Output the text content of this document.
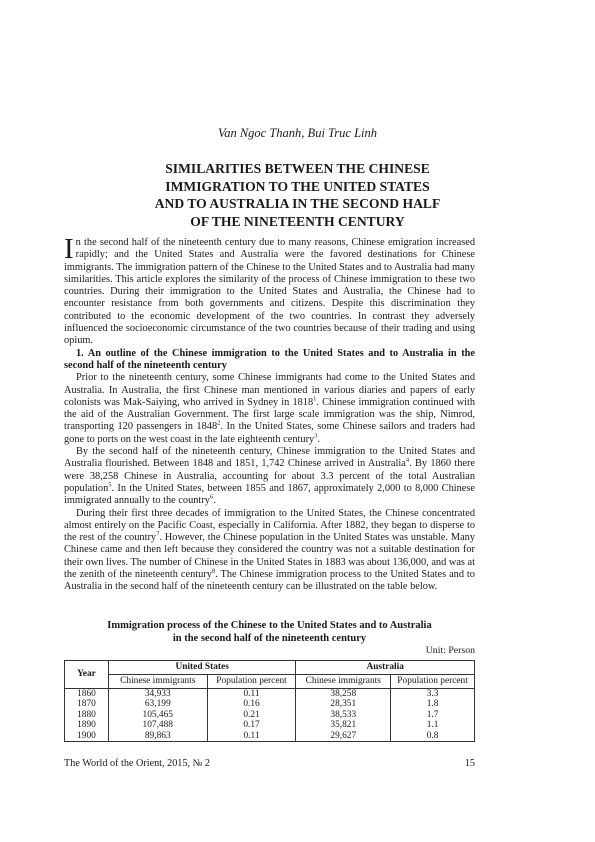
Van Ngoc Thanh, Bui Truc Linh
SIMILARITIES BETWEEN THE CHINESE
IMMIGRATION TO THE UNITED STATES
AND TO AUSTRALIA IN THE SECOND HALF
OF THE NINETEENTH CENTURY

In the second half of the nineteenth century due to many reasons, Chinese emigration increased rapidly; and the United States and Australia were the favored destinations for Chinese immigrants. The immigration pattern of the Chinese to the United States and to Australia had many similarities. This article explores the similarity of the process of Chinese immigration to these two countries. During their immigration to the United States and Australia, the Chinese had to encounter resistance from both governments and citizens. Despite this discrimination they contributed to the economic development of the two countries. In contrast they adversely influenced the socioeconomic circumstance of the two countries because of their trading and using opium.

1. An outline of the Chinese immigration to the United States and to Australia in the second half of the nineteenth century

Prior to the nineteenth century, some Chinese immigrants had come to the United States and Australia. In Australia, the first Chinese man mentioned in various diaries and papers of early colonists was Mak-Saiying, who arrived in Sydney in 1818$^1$. Chinese immigration continued with the aid of the Australian Government. The first large scale immigration was the ship, Nimrod, transporting 120 passengers in 1848$^2$. In the United States, some Chinese sailors and traders had gone to ports on the west coast in the late eighteenth century$^3$.

By the second half of the nineteenth century, Chinese immigration to the United States and Australia flourished. Between 1848 and 1851, 1,742 Chinese arrived in Australia$^4$. By 1860 there were 38,258 Chinese in Australia, accounting for about 3.3 percent of the total Australian population$^5$. In the United States, between 1855 and 1867, approximately 2,000 to 8,000 Chinese immigrated annually to the country$^6$.

During their first three decades of immigration to the United States, the Chinese concentrated almost entirely on the Pacific Coast, especially in California. After 1882, they began to disperse to the rest of the country$^7$. However, the Chinese population in the United States was unstable. Many Chinese came and then left because they considered the country was not a suitable destination for their own lives. The number of Chinese in the United States in 1883 was about 136,000, and was at the zenith of the nineteenth century$^8$. The Chinese immigration process to the United States and to Australia in the second half of the nineteenth century can be illustrated on the table below.

Immigration process of the Chinese to the United States and to Australia
in the second half of the nineteenth century
Unit: Person
Year	United States		Australia	
	Chinese immigrants	Population percent	Chinese immigrants	Population percent
1860	34,933	0.11	38,258	3.3
1870	63,199	0.16	28,351	1.8
1880	105,465	0.21	38,533	1.7
1890	107,488	0.17	35,821	1.1
1900	89,863	0.11	29,627	0.8
The World of the Orient, 2015, № 2	15
